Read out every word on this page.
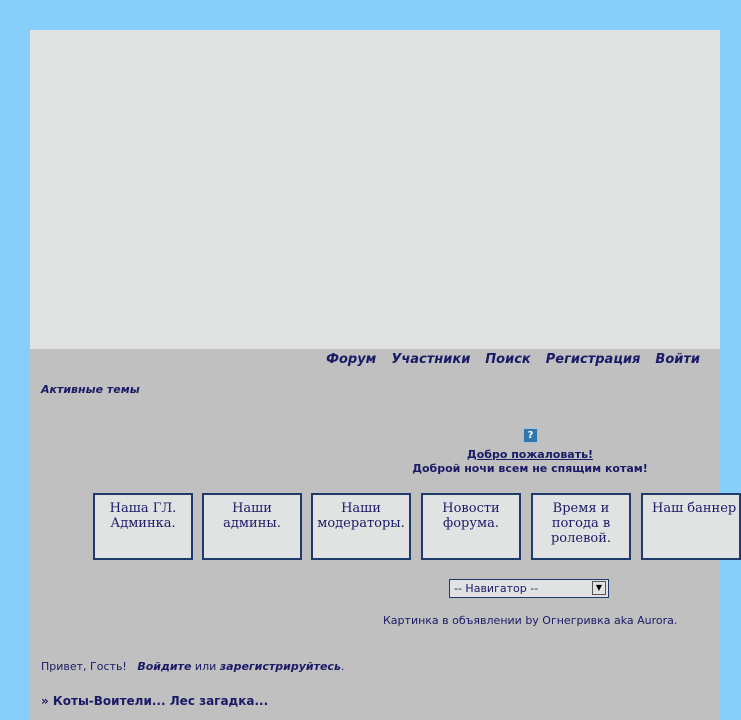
Форум Участники Поиск Регистрация Войти
Активные темы
?
Добро пожаловать!
Доброй ночи всем не спящим котам!
Наша ГЛ. Админка.
Наши админы.
Наши модераторы.
Новости форума.
Время и погода в ролевой.
Наш баннер
-- Навигатор --	▼
Картинка в объявлении by Огнегривка aka Aurora.
Привет, Гость! Войдите или зарегистрируйтесь.
» Коты-Воители... Лес загадка...
